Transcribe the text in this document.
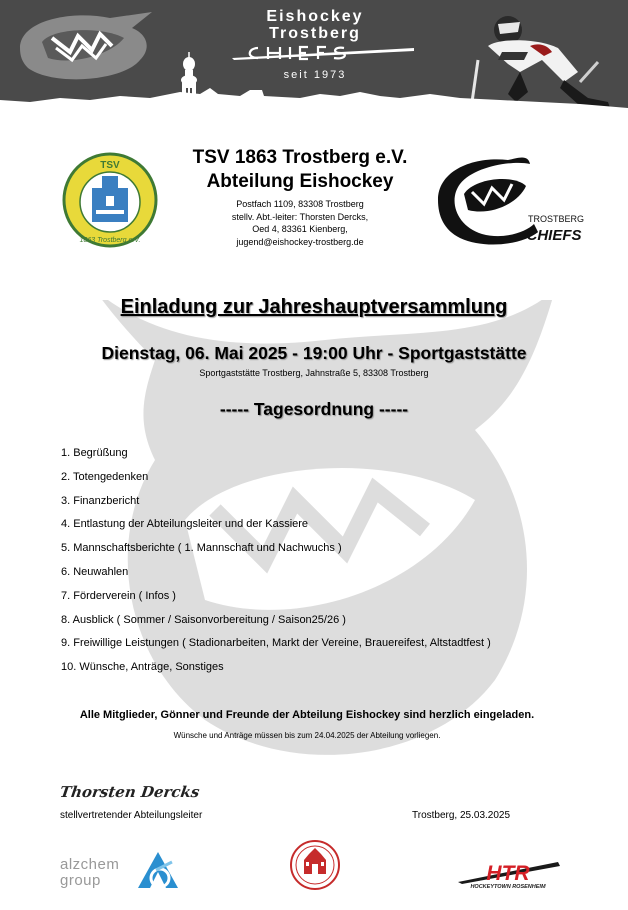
Eishockey
Trostberg
seit 1973
TSV
1863 Trostberg e.V.
TSV 1863 Trostberg e.V.
Abteilung Eishockey
Postfach 1109, 83308 Trostberg
stellv. Abt.-leiter: Thorsten Dercks,
Oed 4, 83361 Kienberg,
jugend@eishockey-trostberg.de
TROSTBERG
CHIEFS
Einladung zur Jahreshauptversammlung
Dienstag, 06. Mai 2025 - 19:00 Uhr - Sportgaststätte
Sportgaststätte Trostberg, Jahnstraße 5, 83308 Trostberg
----- Tagesordnung -----
1. Begrüßung
2. Totengedenken
3. Finanzbericht
4. Entlastung der Abteilungsleiter und der Kassiere
5. Mannschaftsberichte ( 1. Mannschaft und Nachwuchs )
6. Neuwahlen
7. Förderverein ( Infos )
8. Ausblick ( Sommer / Saisonvorbereitung / Saison25/26 )
9. Freiwillige Leistungen ( Stadionarbeiten, Markt der Vereine, Brauereifest, Altstadtfest )
10. Wünsche, Anträge, Sonstiges
Alle Mitglieder, Gönner und Freunde der Abteilung Eishockey sind herzlich eingeladen.
Wünsche und Anträge müssen bis zum 24.04.2025 der Abteilung vorliegen.
Thorsten Dercks
stellvertretender Abteilungsleiter	Trostberg, 25.03.2025
alzchem
group	HTR
HOCKEYTOWN ROSENHEIM
